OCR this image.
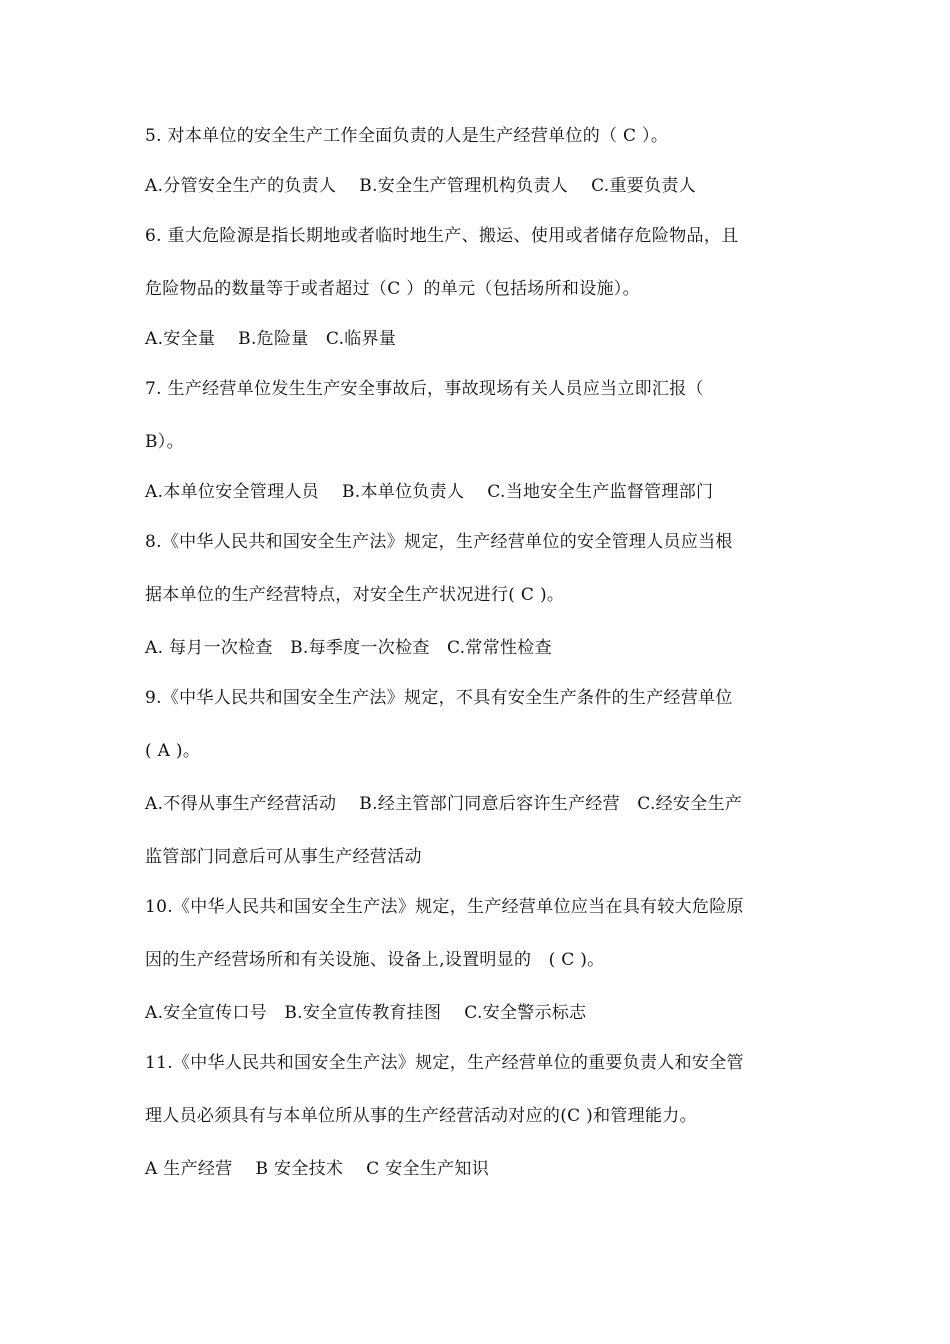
5. 对本单位的安全生产工作全面负责的人是生产经营单位的（ C ）。
A.分管安全生产的负责人　 B.安全生产管理机构负责人　 C.重要负责人
6. 重大危险源是指长期地或者临时地生产、搬运、使用或者储存危险物品，且
危险物品的数量等于或者超过（C ）的单元（包括场所和设施）。
A.安全量　 B.危险量　C.临界量
7. 生产经营单位发生生产安全事故后，事故现场有关人员应当立即汇报（
B）。
A.本单位安全管理人员　 B.本单位负责人　 C.当地安全生产监督管理部门
8.《中华人民共和国安全生产法》规定，生产经营单位的安全管理人员应当根
据本单位的生产经营特点，对安全生产状况进行( C )。
A. 每月一次检查　B.每季度一次检查　C.常常性检查
9.《中华人民共和国安全生产法》规定，不具有安全生产条件的生产经营单位
( A )。
A.不得从事生产经营活动　 B.经主管部门同意后容许生产经营　C.经安全生产
监管部门同意后可从事生产经营活动
10.《中华人民共和国安全生产法》规定，生产经营单位应当在具有较大危险原
因的生产经营场所和有关设施、设备上,设置明显的　( C )。
A.安全宣传口号　B.安全宣传教育挂图　 C.安全警示标志
11.《中华人民共和国安全生产法》规定，生产经营单位的重要负责人和安全管
理人员必须具有与本单位所从事的生产经营活动对应的(C )和管理能力。
A 生产经营　 B 安全技术　 C 安全生产知识
